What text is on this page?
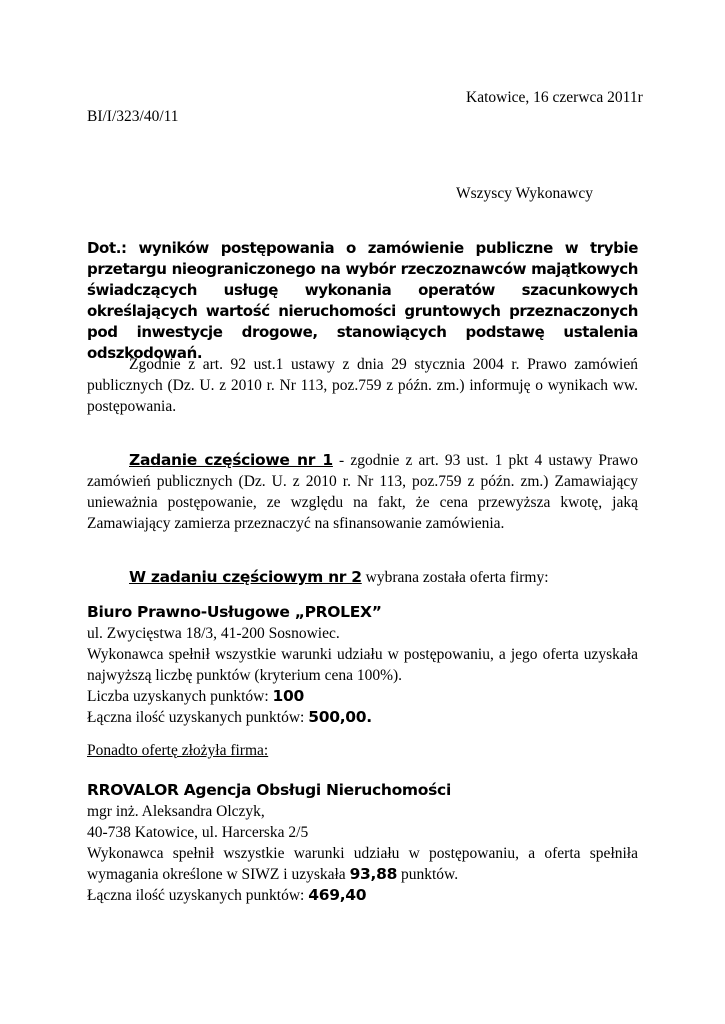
Katowice, 16 czerwca 2011r
BI/I/323/40/11
Wszyscy Wykonawcy
Dot.: wyników postępowania o zamówienie publiczne w trybie przetargu nieograniczonego na wybór rzeczoznawców majątkowych świadczących usługę wykonania operatów szacunkowych określających wartość nieruchomości gruntowych przeznaczonych pod inwestycje drogowe, stanowiących podstawę ustalenia odszkodowań.
Zgodnie z art. 92 ust.1 ustawy z dnia 29 stycznia 2004 r. Prawo zamówień publicznych (Dz. U. z 2010 r. Nr 113, poz.759 z późn. zm.) informuję o wynikach ww. postępowania.
Zadanie częściowe nr 1 - zgodnie z art. 93 ust. 1 pkt 4 ustawy Prawo zamówień publicznych (Dz. U. z 2010 r. Nr 113, poz.759 z późn. zm.) Zamawiający unieważnia postępowanie, ze względu na fakt, że cena przewyższa kwotę, jaką Zamawiający zamierza przeznaczyć na sfinansowanie zamówienia.
W zadaniu częściowym nr 2 wybrana została oferta firmy:
Biuro Prawno-Usługowe „PROLEX”
ul. Zwycięstwa 18/3, 41-200 Sosnowiec.
Wykonawca spełnił wszystkie warunki udziału w postępowaniu, a jego oferta uzyskała najwyższą liczbę punktów (kryterium cena 100%).
Liczba uzyskanych punktów: 100
Łączna ilość uzyskanych punktów: 500,00.
Ponadto ofertę złożyła firma:
RROVALOR Agencja Obsługi Nieruchomości
mgr inż. Aleksandra Olczyk,
40-738 Katowice, ul. Harcerska 2/5
Wykonawca spełnił wszystkie warunki udziału w postępowaniu, a oferta spełniła wymagania określone w SIWZ i uzyskała 93,88 punktów.
Łączna ilość uzyskanych punktów: 469,40
